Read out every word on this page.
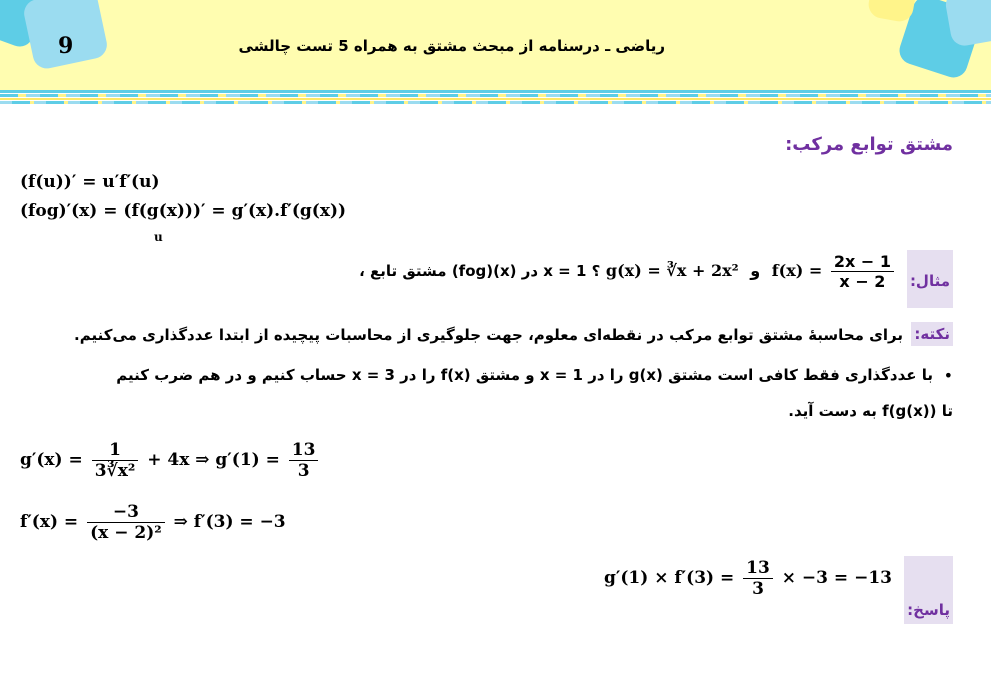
9	ریاضی ـ درسنامه از مبحث مشتق به همراه 5 تست چالشی
مشتق توابع مرکب:
(f(u))′ = u′f′(u)
(fog)′(x) = (f(g(x)))′ = g′(x).f′(g(x))
u
مثال:
، مشتق تابع (fog)(x) در x = 1 ؟ g(x) = ∛x + 2x² و $f(x) = \frac{2x - 1}{x - 2}$
نکته:
برای محاسبهٔ مشتق توابع مرکب در نقطه‌ای معلوم، جهت جلوگیری از محاسبات پیچیده از ابتدا عددگذاری می‌کنیم.
•
با عددگذاری فقط کافی است مشتق g(x) را در x = 1 و مشتق f(x) را در x = 3 حساب کنیم و در هم ضرب کنیم
تا f(g(x)) به دست آید.
$g'(x) = \frac{1}{\text{3∛x²}} + 4x$ ⇒ $g'(1) = \frac{13}{3}$
$f'(x) = \frac{-3}{\text{(x − 2)²}}$ ⇒ f′(3) = −3
$g'(1) \times f'(3) = \frac{13}{3} \times -3 = -13$
پاسخ:
